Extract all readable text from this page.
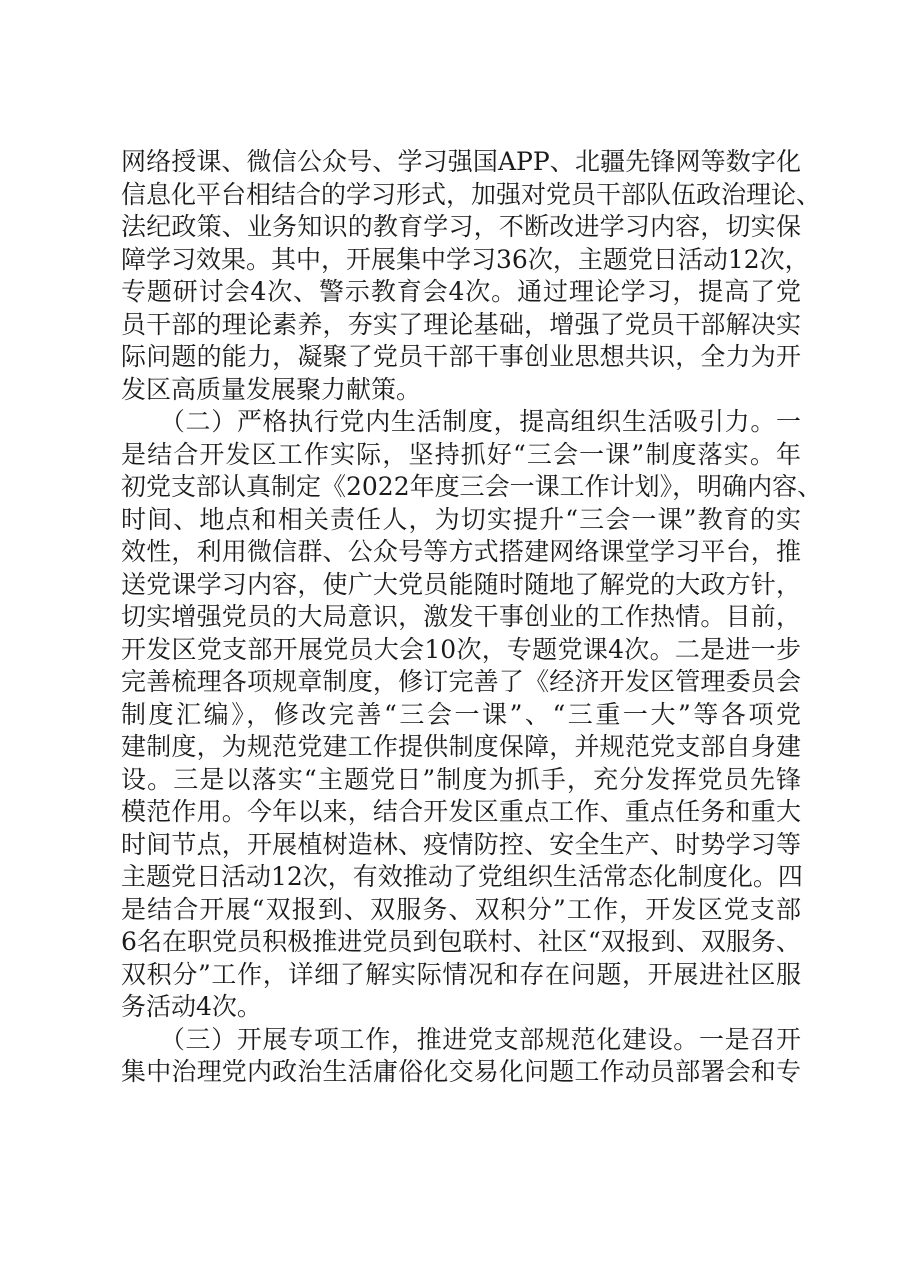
网络授课、微信公众号、学习强国APP、北疆先锋网等数字化
信息化平台相结合的学习形式，加强对党员干部队伍政治理论、
法纪政策、业务知识的教育学习，不断改进学习内容，切实保
障学习效果。其中，开展集中学习36次，主题党日活动12次，
专题研讨会4次、警示教育会4次。通过理论学习，提高了党
员干部的理论素养，夯实了理论基础，增强了党员干部解决实
际问题的能力，凝聚了党员干部干事创业思想共识，全力为开
发区高质量发展聚力献策。
　　（二）严格执行党内生活制度，提高组织生活吸引力。一
是结合开发区工作实际，坚持抓好“三会一课”制度落实。年
初党支部认真制定《2022年度三会一课工作计划》，明确内容、
时间、地点和相关责任人，为切实提升“三会一课”教育的实
效性，利用微信群、公众号等方式搭建网络课堂学习平台，推
送党课学习内容，使广大党员能随时随地了解党的大政方针，
切实增强党员的大局意识，激发干事创业的工作热情。目前，
开发区党支部开展党员大会10次，专题党课4次。二是进一步
完善梳理各项规章制度，修订完善了《经济开发区管理委员会
制度汇编》，修改完善“三会一课”、“三重一大”等各项党
建制度，为规范党建工作提供制度保障，并规范党支部自身建
设。三是以落实“主题党日”制度为抓手，充分发挥党员先锋
模范作用。今年以来，结合开发区重点工作、重点任务和重大
时间节点，开展植树造林、疫情防控、安全生产、时势学习等
主题党日活动12次，有效推动了党组织生活常态化制度化。四
是结合开展“双报到、双服务、双积分”工作，开发区党支部
6名在职党员积极推进党员到包联村、社区“双报到、双服务、
双积分”工作，详细了解实际情况和存在问题，开展进社区服
务活动4次。
　　（三）开展专项工作，推进党支部规范化建设。一是召开
集中治理党内政治生活庸俗化交易化问题工作动员部署会和专
